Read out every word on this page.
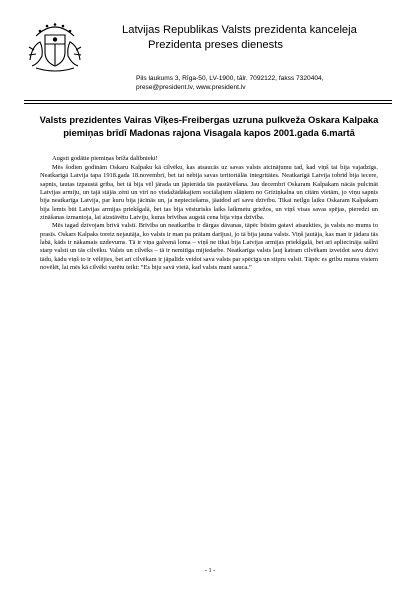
Latvijas Republikas Valsts prezidenta kanceleja
Prezidenta preses dienests
Pils laukums 3, Rīga-50, LV-1900, tālr. 7092122, fakss 7320404,
prese@president.lv, www.president.lv
Valsts prezidentes Vairas Vīķes-Freibergas uzruna pulkveža Oskara Kalpaka piemiņas brīdī Madonas rajona Visagala kapos 2001.gada 6.martā

Augsti godātie piemiņas brīža dalībnieki!

Mēs šodien godinām Oskaru Kalpaku kā cilvēku, kas atsaucās uz savas valsts aicinājumu tad, kad viņš tai bija vajadzīgs. Neatkarīgā Latvija tapa 1918.gada 18.novembrī, bet tai nebija savas teritoriālās integritātes. Neatkarīgā Latvija tobrīd bija iecere, sapnis, tautas izpaustā griba, bet tā bija vēl jārada un jāpierāda tās pastāvēšana. Jau decembrī Oskaram Kalpakam nācās pulcināt Latvijas armiju, un tajā stājās zēni un vīri no visdažādākajiem sociālajiem slāņiem no Grīziņkalna un citām vietām, jo viņu sapnis bija neatkarīga Latvija, par kuru bija jācīnās un, ja nepieciešams, jāatdod arī savu dzīvību. Tikai neilgu laiku Oskaram Kalpakam bija lemts būt Latvijas armijas priekšgalā, bet tas bija vēsturisks laiks laikmetu griežos, un viņš visas savas spējas, pieredzi un zināšanas izmantoja, lai aizstāvētu Latviju, kuras brīvības augstā cena bija viņa dzīvība.

Mēs tagad dzīvojam brīvā valstī. Brīvība un neatkarība ir dārgas dāvanas, tāpēc būsim gatavi atsaukties, ja valsts no mums to prasīs. Oskars Kalpaks toreiz nejautāja, ko valsts ir man pa prātam darījusi, jo tā bija jauna valsts. Viņš jautāja, kas man ir jādara tās labā, kāds ir nākamais uzdevums. Tā ir viņa galvenā loma – viņš ne tikai bija Latvijas armijas priekšgalā, bet arī apliecināja sašlnī starp valsti un tās cilvēku. Valsts un cilvēks – tā ir nemitīga mijiedarbe. Neatkarīga valsts ļauj katram cilvēkam izveidot savu dzīvi tādu, kādu viņš to ir vēlējies, bet arī cilvēkam ir jāpalīdz veidot sava valsts par spēcīgu un stipru valsti. Tāpēc es gribu mums visiem novēlēt, lai mēs kā cilvēki varētu teikt: “Es biju savā vietā, kad valsts mani sauca.”

- 1 -
